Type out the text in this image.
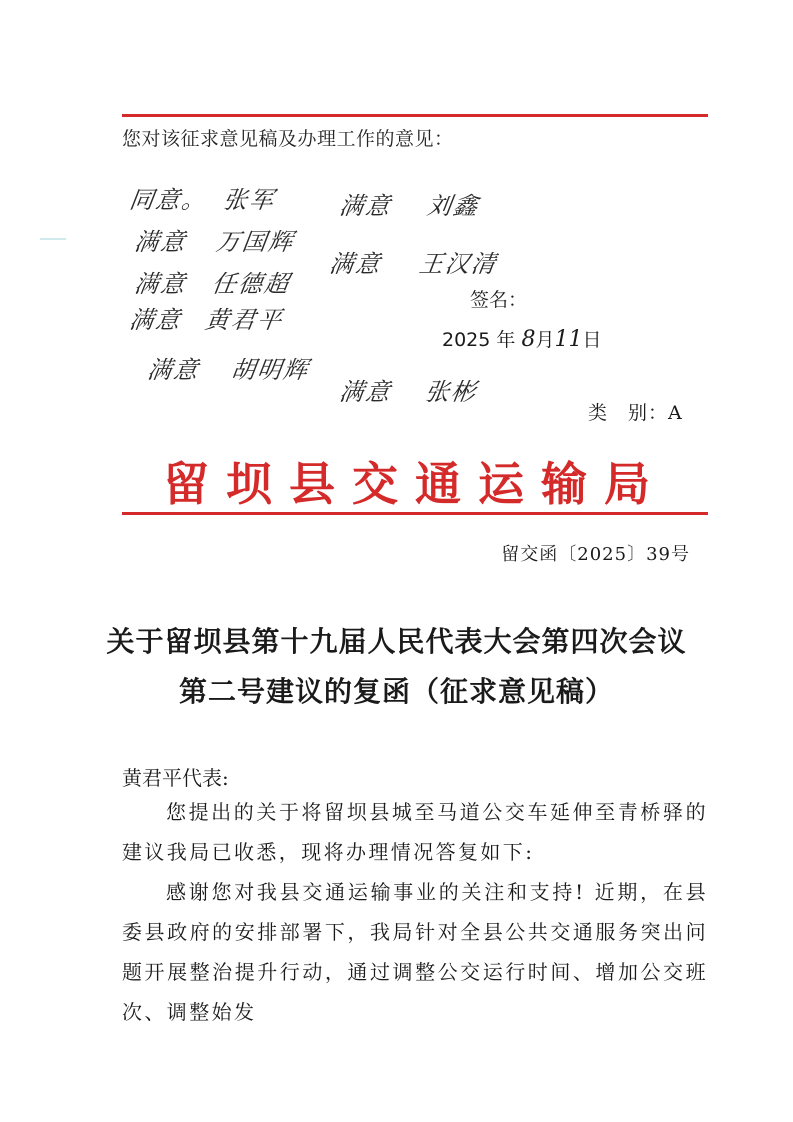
您对该征求意见稿及办理工作的意见：
同意。 张军
满意 万国辉
满意 任德超
满意 黄君平
满意 胡明辉
满意 刘鑫
满意 王汉清
满意 张彬
签名：
2025 年 8月11日
类　别：A
留坝县交通运输局
留交函〔2025〕39号
关于留坝县第十九届人民代表大会第四次会议
第二号建议的复函（征求意见稿）
黄君平代表:
您提出的关于将留坝县城至马道公交车延伸至青桥驿的建议我局已收悉，现将办理情况答复如下:
感谢您对我县交通运输事业的关注和支持! 近期，在县委县政府的安排部署下，我局针对全县公共交通服务突出问题开展整治提升行动，通过调整公交运行时间、增加公交班次、调整始发
